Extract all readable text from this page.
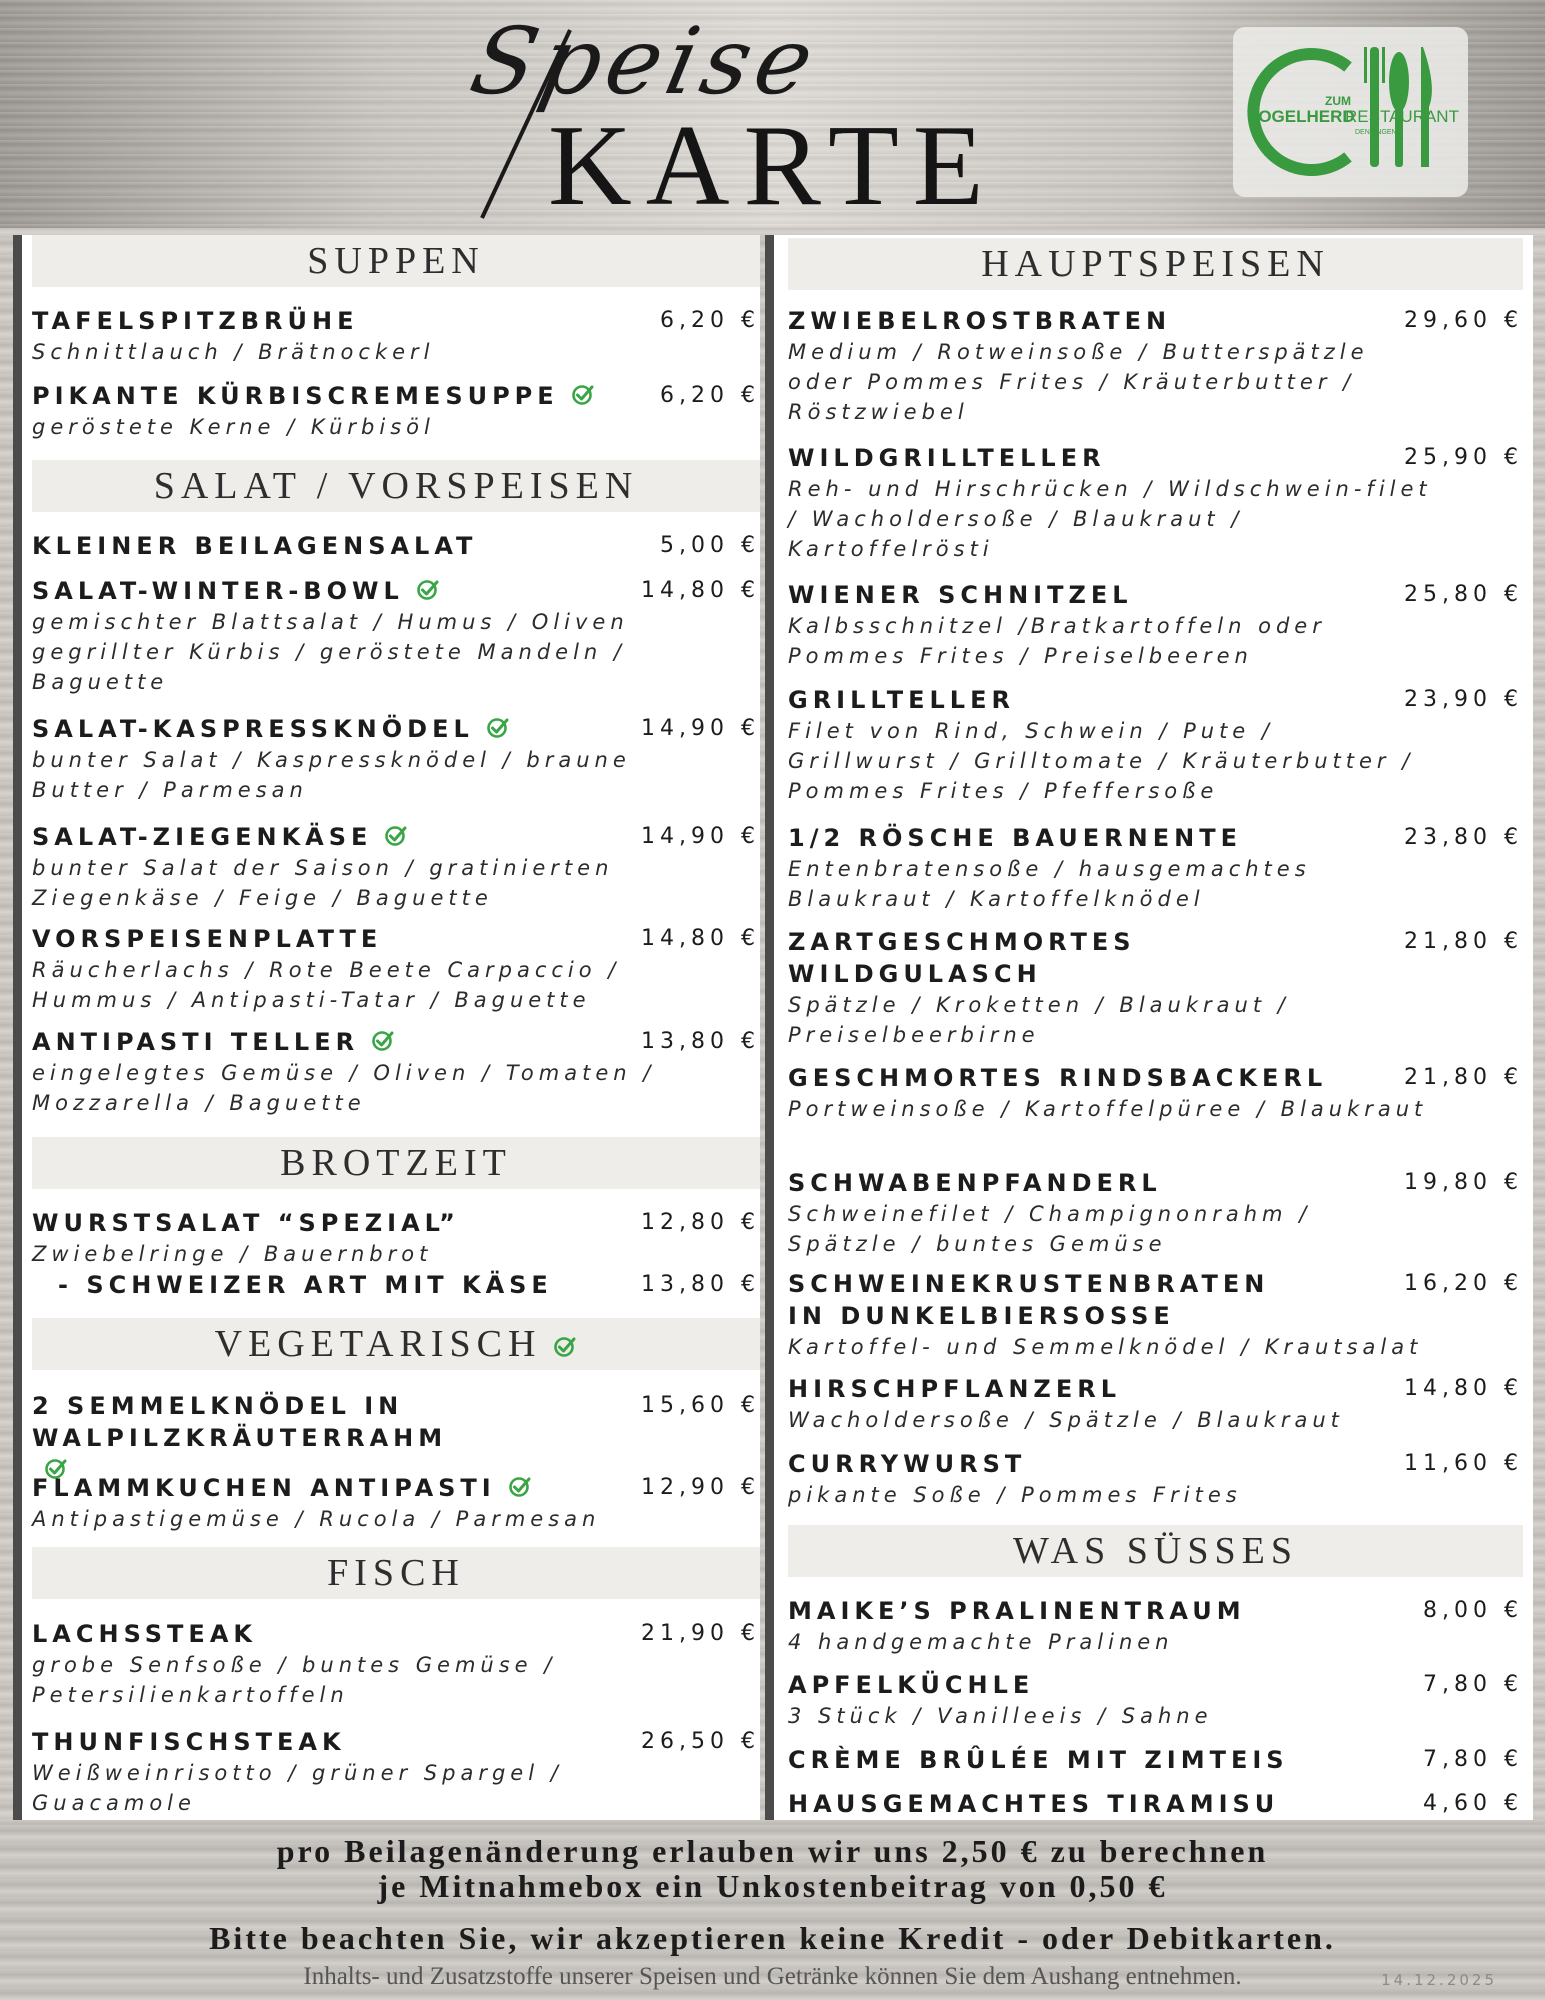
Speise
KARTE
ZUM
VOGELHERD
RESTAURANT
DENKINGEN
SUPPEN
TAFELSPITZBRÜHE	6,20 €
Schnittlauch / Brätnockerl
PIKANTE KÜRBISCREMESUPPE	6,20 €
geröstete Kerne / Kürbisöl
SALAT / VORSPEISEN
KLEINER BEILAGENSALAT	5,00 €
SALAT-WINTER-BOWL	14,80 €
gemischter Blattsalat / Humus / Oliven gegrillter Kürbis / geröstete Mandeln / Baguette
SALAT-KASPRESSKNÖDEL	14,90 €
bunter Salat / Kaspressknödel / braune Butter / Parmesan
SALAT-ZIEGENKÄSE	14,90 €
bunter Salat der Saison / gratinierten Ziegenkäse / Feige / Baguette
VORSPEISENPLATTE	14,80 €
Räucherlachs / Rote Beete Carpaccio / Hummus / Antipasti-Tatar / Baguette
ANTIPASTI TELLER	13,80 €
eingelegtes Gemüse / Oliven / Tomaten / Mozzarella / Baguette
BROTZEIT
WURSTSALAT “SPEZIAL”	12,80 €
Zwiebelringe / Bauernbrot
- SCHWEIZER ART MIT KÄSE	13,80 €
VEGETARISCH
2 SEMMELKNÖDEL IN WALPILZKRÄUTERRAHM
15,60 €
FLAMMKUCHEN ANTIPASTI	12,90 €
Antipastigemüse / Rucola / Parmesan
FISCH
LACHSSTEAK	21,90 €
grobe Senfsoße / buntes Gemüse / Petersilienkartoffeln
THUNFISCHSTEAK	26,50 €
Weißweinrisotto / grüner Spargel / Guacamole
HAUPTSPEISEN
ZWIEBELROSTBRATEN	29,60 €
Medium / Rotweinsoße / Butterspätzle oder Pommes Frites / Kräuterbutter / Röstzwiebel
WILDGRILLTELLER	25,90 €
Reh- und Hirschrücken / Wildschwein-filet / Wacholdersoße / Blaukraut / Kartoffelrösti
WIENER SCHNITZEL	25,80 €
Kalbsschnitzel /Bratkartoffeln oder Pommes Frites / Preiselbeeren
GRILLTELLER	23,90 €
Filet von Rind, Schwein / Pute / Grillwurst / Grilltomate / Kräuterbutter / Pommes Frites / Pfeffersoße
1/2 RÖSCHE BAUERNENTE	23,80 €
Entenbratensoße / hausgemachtes Blaukraut / Kartoffelknödel
ZARTGESCHMORTES WILDGULASCH
21,80 €
Spätzle / Kroketten / Blaukraut / Preiselbeerbirne
GESCHMORTES RINDSBACKERL	21,80 €
Portweinsoße / Kartoffelpüree / Blaukraut
SCHWABENPFANDERL	19,80 €
Schweinefilet / Champignonrahm / Spätzle / buntes Gemüse
SCHWEINEKRUSTENBRATEN IN DUNKELBIERSOSSE
16,20 €
Kartoffel- und Semmelknödel / Krautsalat
HIRSCHPFLANZERL	14,80 €
Wacholdersoße / Spätzle / Blaukraut
CURRYWURST	11,60 €
pikante Soße / Pommes Frites
WAS SÜSSES
MAIKE’S PRALINENTRAUM	8,00 €
4 handgemachte Pralinen
APFELKÜCHLE	7,80 €
3 Stück / Vanilleeis / Sahne
CRÈME BRÛLÉE MIT ZIMTEIS	7,80 €
HAUSGEMACHTES TIRAMISU	4,60 €
pro Beilagenänderung erlauben wir uns 2,50 € zu berechnen
je Mitnahmebox ein Unkostenbeitrag von 0,50 €
Bitte beachten Sie, wir akzeptieren keine Kredit - oder Debitkarten.
Inhalts- und Zusatzstoffe unserer Speisen und Getränke können Sie dem Aushang entnehmen.	14.12.2025
